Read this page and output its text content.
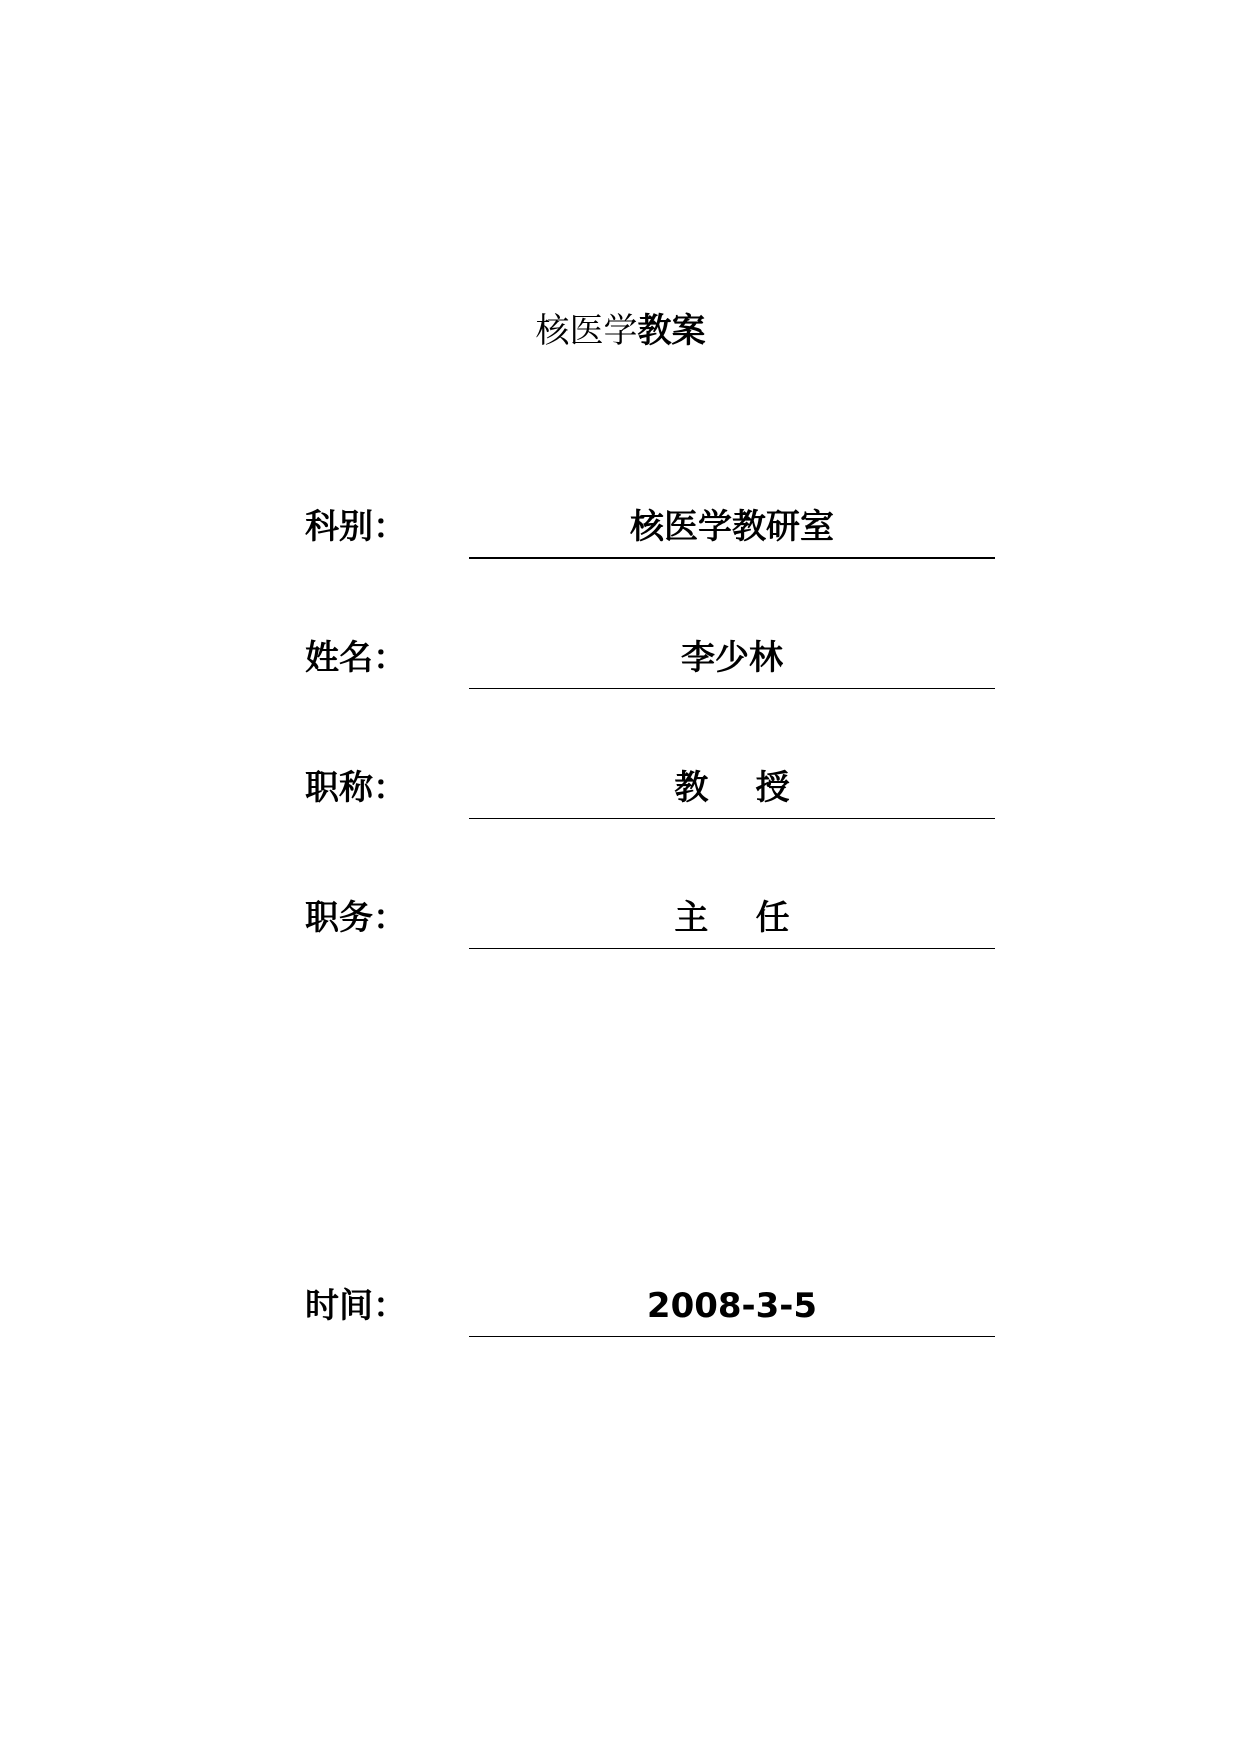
核医学教案
科别：	核医学教研室
姓名：	李少林
职称：	教    授
职务：	主    任
时间：	2008-3-5
